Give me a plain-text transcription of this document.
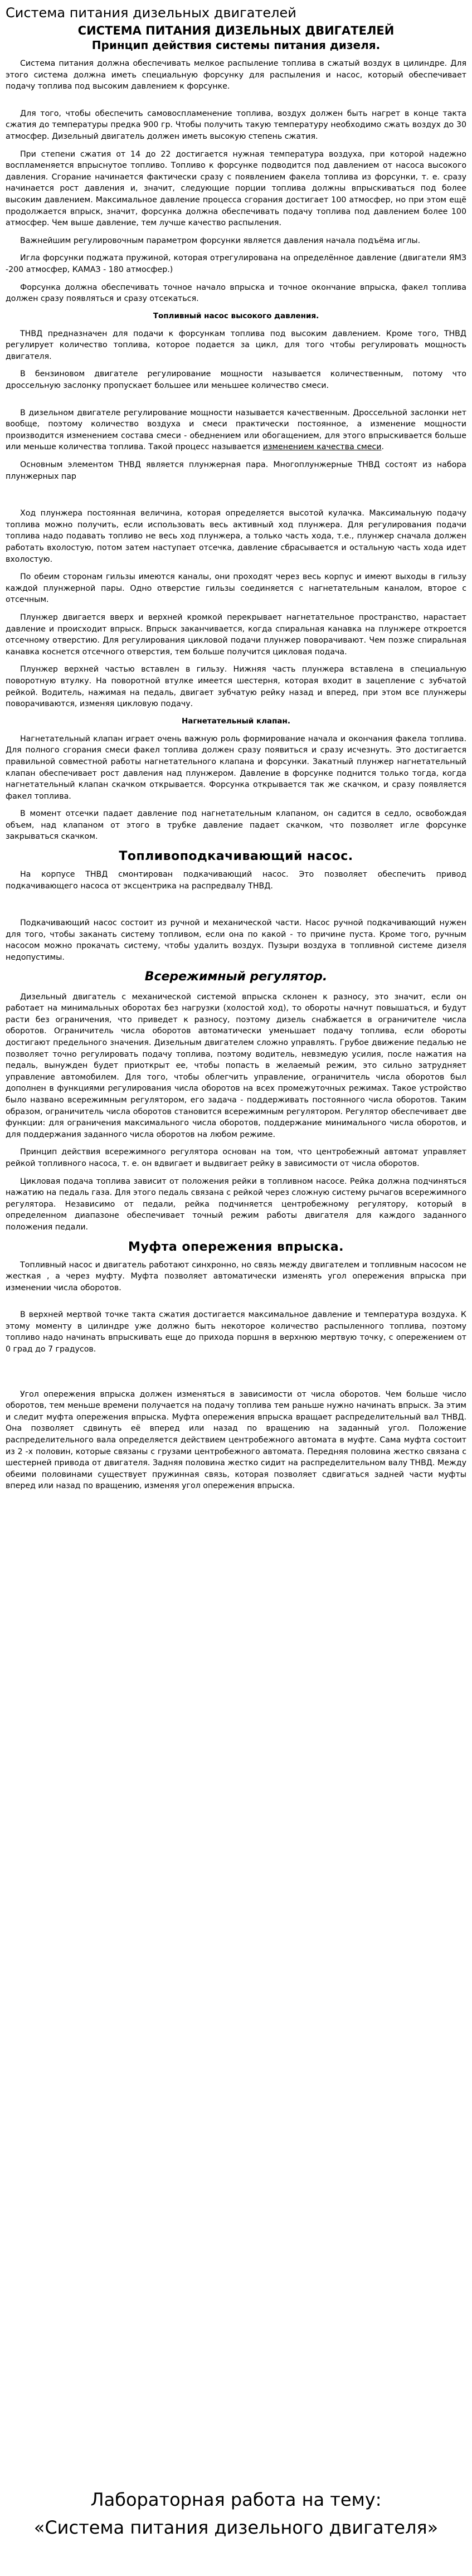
Система питания дизельных двигателей
СИСТЕМА ПИТАНИЯ ДИЗЕЛЬНЫХ ДВИГАТЕЛЕЙ
Принцип действия системы питания дизеля.

Система питания должна обеспечивать мелкое распыление топлива в сжатый воздух в цилиндре. Для этого система должна иметь специальную форсунку для распыления и насос, который обеспечивает подачу топлива под высоким давлением к форсунке.

Для того, чтобы обеспечить самовоспламенение топлива, воздух должен быть нагрет в конце такта сжатия до температуры предка 900 гр. Чтобы получить такую температуру необходимо сжать воздух до 30 атмосфер. Дизельный двигатель должен иметь высокую степень сжатия.

При степени сжатия от 14 до 22 достигается нужная температура воздуха, при которой надежно воспламеняется впрыснутое топливо. Топливо к форсунке подводится под давлением от насоса высокого давления. Сгорание начинается фактически сразу с появлением факела топлива из форсунки, т. е. сразу начинается рост давления и, значит, следующие порции топлива должны впрыскиваться под более высоким давлением. Максимальное давление процесса сгорания достигает 100 атмосфер, но при этом ещё продолжается впрыск, значит, форсунка должна обеспечивать подачу топлива под давлением более 100 атмосфер. Чем выше давление, тем лучше качество распыления.

Важнейшим регулировочным параметром форсунки является давления начала подъёма иглы.

Игла форсунки поджата пружиной, которая отрегулирована на определённое давление (двигатели ЯМЗ -200 атмосфер, КАМАЗ - 180 атмосфер.)

Форсунка должна обеспечивать точное начало впрыска и точное окончание впрыска, факел топлива должен сразу появляться и сразу отсекаться.

Топливный насос высокого давления.

ТНВД предназначен для подачи к форсункам топлива под высоким давлением. Кроме того, ТНВД регулирует количество топлива, которое подается за цикл, для того чтобы регулировать мощность двигателя.

В бензиновом двигателе регулирование мощности называется количественным, потому что дроссельную заслонку пропускает большее или меньшее количество смеси.

В дизельном двигателе регулирование мощности называется качественным. Дроссельной заслонки нет вообще, поэтому количество воздуха и смеси практически постоянное, а изменение мощности производится изменением состава смеси - обеднением или обогащением, для этого впрыскивается больше или меньше количества топлива. Такой процесс называется изменением качества смеси.

Основным элементом ТНВД является плунжерная пара. Многоплунжерные ТНВД состоят из набора плунжерных пар

Ход плунжера постоянная величина, которая определяется высотой кулачка. Максимальную подачу топлива можно получить, если использовать весь активный ход плунжера. Для регулирования подачи топлива надо подавать топливо не весь ход плунжера, а только часть хода, т.е., плунжер сначала должен работать вхолостую, потом затем наступает отсечка, давление сбрасывается и остальную часть хода идет вхолостую.

По обеим сторонам гильзы имеются каналы, они проходят через весь корпус и имеют выходы в гильзу каждой плунжерной пары. Одно отверстие гильзы соединяется с нагнетательным каналом, второе с отсечным.

Плунжер двигается вверх и верхней кромкой перекрывает нагнетательное пространство, нарастает давление и происходит впрыск. Впрыск заканчивается, когда спиральная канавка на плунжере откроется отсечному отверстию. Для регулирования цикловой подачи плунжер поворачивают. Чем позже спиральная канавка коснется отсечного отверстия, тем больше получится цикловая подача.

Плунжер верхней частью вставлен в гильзу. Нижняя часть плунжера вставлена в специальную поворотную втулку. На поворотной втулке имеется шестерня, которая входит в зацепление с зубчатой рейкой. Водитель, нажимая на педаль, двигает зубчатую рейку назад и вперед, при этом все плунжеры поворачиваются, изменяя цикловую подачу.

Нагнетательный клапан.

Нагнетательный клапан играет очень важную роль формирование начала и окончания факела топлива. Для полного сгорания смеси факел топлива должен сразу появиться и сразу исчезнуть. Это достигается правильной совместной работы нагнетательного клапана и форсунки. Закатный плунжер нагнетательный клапан обеспечивает рост давления над плунжером. Давление в форсунке поднится только тогда, когда нагнетательный клапан скачком открывается. Форсунка открывается так же скачком, и сразу появляется факел топлива.

В момент отсечки падает давление под нагнетательным клапаном, он садится в седло, освобождая объем, над клапаном от этого в трубке давление падает скачком, что позволяет игле форсунке закрываться скачком.

Топливоподкачивающий насос.

На корпусе ТНВД смонтирован подкачивающий насос. Это позволяет обеспечить привод подкачивающего насоса от эксцентрика на распредвалу ТНВД.

Подкачивающий насос состоит из ручной и механической части. Насос ручной подкачивающий нужен для того, чтобы заканать систему топливом, если она по какой - то причине пуста. Кроме того, ручным насосом можно прокачать систему, чтобы удалить воздух. Пузыри воздуха в топливной системе дизеля недопустимы.

Всережимный регулятор.

Дизельный двигатель с механической системой впрыска склонен к разносу, это значит, если он работает на минимальных оборотах без нагрузки (холостой ход), то обороты начнут повышаться, и будут расти без ограничения, что приведет к разносу, поэтому дизель снабжается в ограничителе числа оборотов. Ограничитель числа оборотов автоматически уменьшает подачу топлива, если обороты достигают предельного значения. Дизельным двигателем сложно управлять. Грубое движение педалью не позволяет точно регулировать подачу топлива, поэтому водитель, невзмедую усилия, после нажатия на педаль, вынужден будет приоткрыт ее, чтобы попасть в желаемый режим, это сильно затрудняет управление автомобилем. Для того, чтобы облегчить управление, ограничитель числа оборотов был дополнен в функциями регулирования числа оборотов на всех промежуточных режимах. Такое устройство было названо всережимным регулятором, его задача - поддерживать постоянного числа оборотов. Таким образом, ограничитель числа оборотов становится всережимным регулятором. Регулятор обеспечивает две функции: для ограничения максимального числа оборотов, поддержание минимального числа оборотов, и для поддержания заданного числа оборотов на любом режиме.

Принцип действия всережимного регулятора основан на том, что центробежный автомат управляет рейкой топливного насоса, т. е. он вдвигает и выдвигает рейку в зависимости от числа оборотов.

Цикловая подача топлива зависит от положения рейки в топливном насосе. Рейка должна подчиняться нажатию на педаль газа. Для этого педаль связана с рейкой через сложную систему рычагов всережимного регулятора. Независимо от педали, рейка подчиняется центробежному регулятору, который в определенном диапазоне обеспечивает точный режим работы двигателя для каждого заданного положения педали.

Муфта опережения впрыска.

Топливный насос и двигатель работают синхронно, но связь между двигателем и топливным насосом не жесткая , а через муфту. Муфта позволяет автоматически изменять угол опережения впрыска при изменении числа оборотов.

В верхней мертвой точке такта сжатия достигается максимальное давление и температура воздуха. К этому моменту в цилиндре уже должно быть некоторое количество распыленного топлива, поэтому топливо надо начинать впрыскивать еще до прихода поршня в верхнюю мертвую точку, с опережением от 0 град до 7 градусов.

Угол опережения впрыска должен изменяться в зависимости от числа оборотов. Чем больше число оборотов, тем меньше времени получается на подачу топлива тем раньше нужно начинать впрыск. За этим и следит муфта опережения впрыска. Муфта опережения впрыска вращает распределительный вал ТНВД. Она позволяет сдвинуть её вперед или назад по вращению на заданный угол. Положение распределительного вала определяется действием центробежного автомата в муфте. Сама муфта состоит из 2 -х половин, которые связаны с грузами центробежного автомата. Передняя половина жестко связана с шестерней привода от двигателя. Задняя половина жестко сидит на распределительном валу ТНВД. Между обеими половинами существует пружинная связь, которая позволяет сдвигаться задней части муфты вперед или назад по вращению, изменяя угол опережения впрыска.

Лабораторная работа на тему:
«Система питания дизельного двигателя»
